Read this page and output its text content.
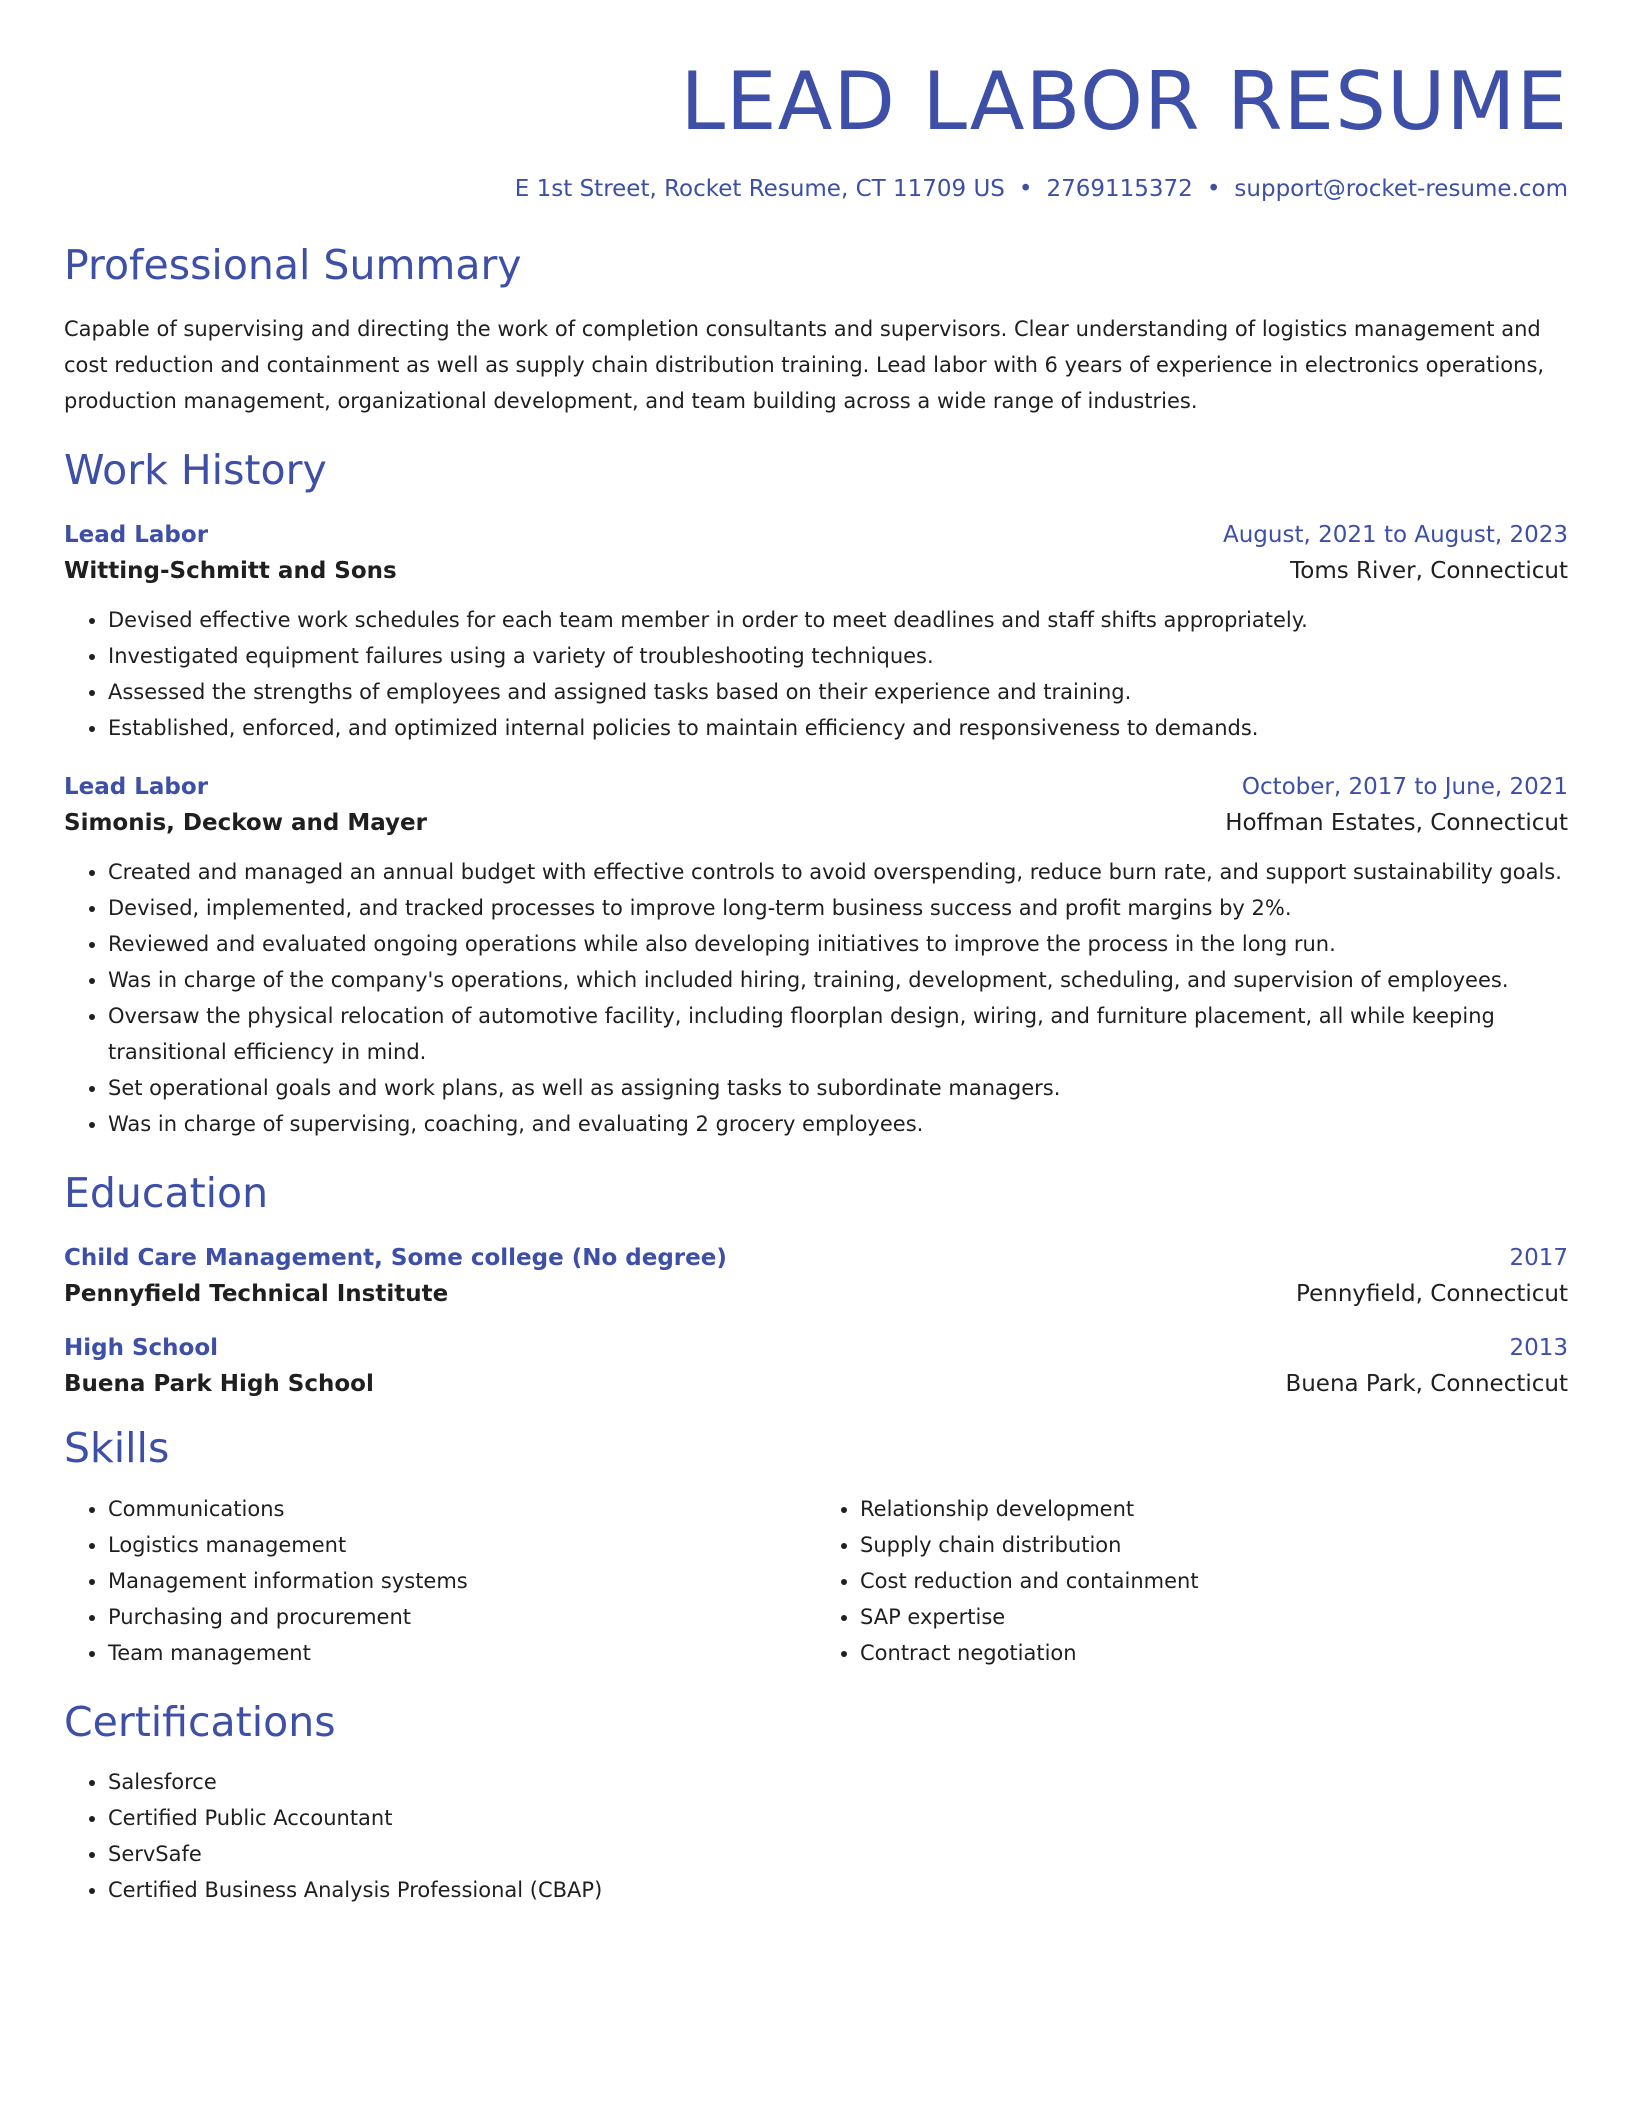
LEAD LABOR RESUME
E 1st Street, Rocket Resume, CT 11709 US • 2769115372 • support@rocket-resume.com
Professional Summary
Capable of supervising and directing the work of completion consultants and supervisors. Clear understanding of logistics management and cost reduction and containment as well as supply chain distribution training. Lead labor with 6 years of experience in electronics operations, production management, organizational development, and team building across a wide range of industries.
Work History
Lead Labor	August, 2021 to August, 2023
Witting-Schmitt and Sons	Toms River, Connecticut
• Devised effective work schedules for each team member in order to meet deadlines and staff shifts appropriately.
• Investigated equipment failures using a variety of troubleshooting techniques.
• Assessed the strengths of employees and assigned tasks based on their experience and training.
• Established, enforced, and optimized internal policies to maintain efficiency and responsiveness to demands.
Lead Labor	October, 2017 to June, 2021
Simonis, Deckow and Mayer	Hoffman Estates, Connecticut
• Created and managed an annual budget with effective controls to avoid overspending, reduce burn rate, and support sustainability goals.
• Devised, implemented, and tracked processes to improve long-term business success and profit margins by 2%.
• Reviewed and evaluated ongoing operations while also developing initiatives to improve the process in the long run.
• Was in charge of the company's operations, which included hiring, training, development, scheduling, and supervision of employees.
• Oversaw the physical relocation of automotive facility, including floorplan design, wiring, and furniture placement, all while keeping transitional efficiency in mind.
• Set operational goals and work plans, as well as assigning tasks to subordinate managers.
• Was in charge of supervising, coaching, and evaluating 2 grocery employees.
Education
Child Care Management, Some college (No degree)	2017
Pennyfield Technical Institute	Pennyfield, Connecticut
High School	2013
Buena Park High School	Buena Park, Connecticut
Skills
• Communications
• Logistics management
• Management information systems
• Purchasing and procurement
• Team management
• Relationship development
• Supply chain distribution
• Cost reduction and containment
• SAP expertise
• Contract negotiation
Certifications
• Salesforce
• Certified Public Accountant
• ServSafe
• Certified Business Analysis Professional (CBAP)
